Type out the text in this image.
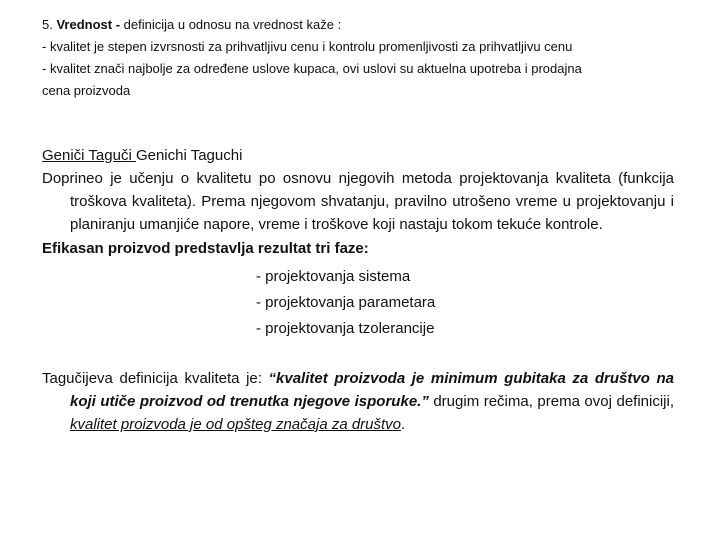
5. Vrednost - definicija u odnosu na vrednost kaže :
- kvalitet je stepen izvrsnosti za prihvatljivu cenu i kontrolu promenljivosti za prihvatljivu cenu
- kvalitet znači najbolje za određene uslove kupaca, ovi uslovi su aktuelna upotreba i prodajna
cena proizvoda

Geniči Taguči Genichi Taguchi

Doprineo je učenju o kvalitetu po osnovu njegovih metoda projektovanja kvaliteta (funkcija troškova kvaliteta). Prema njegovom shvatanju, pravilno utrošeno vreme u projektovanju i planiranju umanjiće napore, vreme i troškove koji nastaju tokom tekuće kontrole.

Efikasan proizvod predstavlja rezultat tri faze:

- projektovanja sistema
- projektovanja parametara
- projektovanja tzolerancije

Tagučijeva definicija kvaliteta je: “kvalitet proizvoda je minimum gubitaka za društvo na koji utiče proizvod od trenutka njegove isporuke.” drugim rečima, prema ovoj definiciji, kvalitet proizvoda je od opšteg značaja za društvo.
